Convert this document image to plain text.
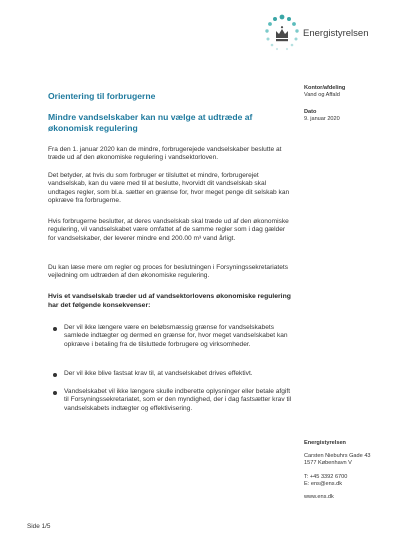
Energistyrelsen
Kontor/afdeling
Vand og Affald
Dato
9. januar 2020
Orientering til forbrugerne
Mindre vandselskaber kan nu vælge at udtræde af økonomisk regulering

Fra den 1. januar 2020 kan de mindre, forbrugerejede vandselskaber beslutte at træde ud af den økonomiske regulering i vandsektorloven.

Det betyder, at hvis du som forbruger er tilsluttet et mindre, forbrugerejet vandselskab, kan du være med til at beslutte, hvorvidt dit vandselskab skal undtages regler, som bl.a. sætter en grænse for, hvor meget penge dit selskab kan opkræve fra forbrugerne.

Hvis forbrugerne beslutter, at deres vandselskab skal træde ud af den økonomiske regulering, vil vandselskabet være omfattet af de samme regler som i dag gælder for vandselskaber, der leverer mindre end 200.00 m³ vand årligt.

Du kan læse mere om regler og proces for beslutningen i Forsyningssekretariatets vejledning om udtræden af den økonomiske regulering.

Hvis et vandselskab træder ud af vandsektorlovens økonomiske regulering har det følgende konsekvenser:
Der vil ikke længere være en beløbsmæssig grænse for vandselskabets samlede indtægter og dermed en grænse for, hvor meget vandselskabet kan opkræve i betaling fra de tilsluttede forbrugere og virksomheder.
Der vil ikke blive fastsat krav til, at vandselskabet drives effektivt.
Vandselskabet vil ikke længere skulle indberette oplysninger eller betale afgift til Forsyningssekretariatet, som er den myndighed, der i dag fastsætter krav til vandselskabets indtægter og effektivisering.
Energistyrelsen
Carsten Niebuhrs Gade 43
1577 København V
T: +45 3392 6700
E: ens@ens.dk
www.ens.dk
Side 1/5
